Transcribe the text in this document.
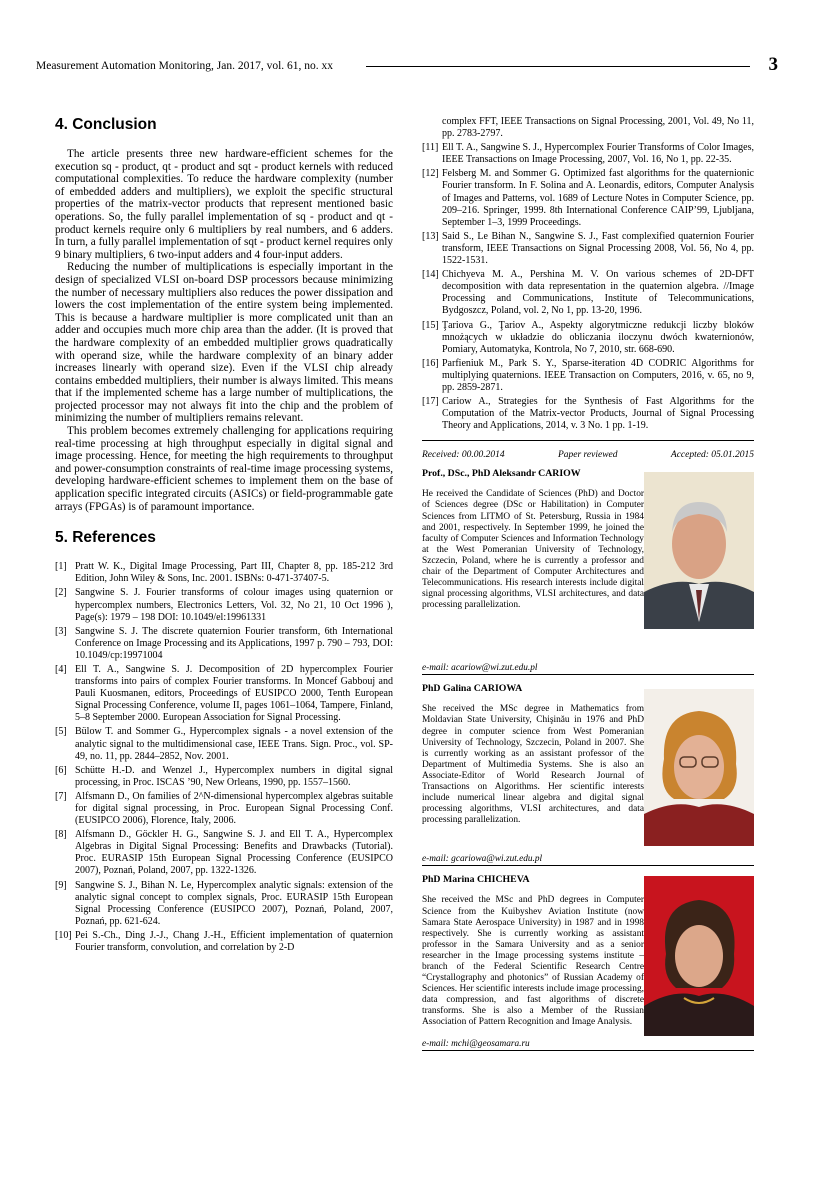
Measurement Automation Monitoring, Jan. 2017, vol. 61, no. xx	3
4. Conclusion

The article presents three new hardware-efficient schemes for the execution sq - product, qt - product and sqt - product kernels with reduced computational complexities. To reduce the hardware complexity (number of embedded adders and multipliers), we exploit the specific structural properties of the matrix-vector products that represent mentioned basic operations. So, the fully parallel implementation of sq - product and qt - product kernels require only 6 multipliers by real numbers, and 6 adders. In turn, a fully parallel implementation of sqt - product kernel requires only 9 binary multipliers, 6 two-input adders and 4 four-input adders.

Reducing the number of multiplications is especially important in the design of specialized VLSI on-board DSP processors because minimizing the number of necessary multipliers also reduces the power dissipation and lowers the cost implementation of the entire system being implemented. This is because a hardware multiplier is more complicated unit than an adder and occupies much more chip area than the adder. (It is proved that the hardware complexity of an embedded multiplier grows quadratically with operand size, while the hardware complexity of an binary adder increases linearly with operand size). Even if the VLSI chip already contains embedded multipliers, their number is always limited. This means that if the implemented scheme has a large number of multiplications, the projected processor may not always fit into the chip and the problem of minimizing the number of multipliers remains relevant.

This problem becomes extremely challenging for applications requiring real-time processing at high throughput especially in digital signal and image processing. Hence, for meeting the high requirements to throughput and power-consumption constraints of real-time image processing systems, developing hardware-efficient schemes to implement them on the base of application specific integrated circuits (ASICs) or field-programmable gate arrays (FPGAs) is of paramount importance.

5. References
[1] Pratt W. K., Digital Image Processing, Part III, Chapter 8, pp. 185-212 3rd Edition, John Wiley & Sons, Inc. 2001. ISBNs: 0-471-37407-5.
[2] Sangwine S. J. Fourier transforms of colour images using quaternion or hypercomplex numbers, Electronics Letters, Vol. 32, No 21, 10 Oct 1996 ), Page(s): 1979 – 198 DOI: 10.1049/el:19961331
[3] Sangwine S. J. The discrete quaternion Fourier transform, 6th International Conference on Image Processing and its Applications, 1997 p. 790 – 793, DOI: 10.1049/cp:19971004
[4] Ell T. A., Sangwine S. J. Decomposition of 2D hypercomplex Fourier transforms into pairs of complex Fourier transforms. In Moncef Gabbouj and Pauli Kuosmanen, editors, Proceedings of EUSIPCO 2000, Tenth European Signal Processing Conference, volume II, pages 1061–1064, Tampere, Finland, 5–8 September 2000. European Association for Signal Processing.
[5] Bülow T. and Sommer G., Hypercomplex signals - a novel extension of the analytic signal to the multidimensional case, IEEE Trans. Sign. Proc., vol. SP-49, no. 11, pp. 2844–2852, Nov. 2001.
[6] Schütte H.-D. and Wenzel J., Hypercomplex numbers in digital signal processing, in Proc. ISCAS ’90, New Orleans, 1990, pp. 1557–1560.
[7] Alfsmann D., On families of 2^N-dimensional hypercomplex algebras suitable for digital signal processing, in Proc. European Signal Processing Conf. (EUSIPCO 2006), Florence, Italy, 2006.
[8] Alfsmann D., Göckler H. G., Sangwine S. J. and Ell T. A., Hypercomplex Algebras in Digital Signal Processing: Benefits and Drawbacks (Tutorial). Proc. EURASIP 15th European Signal Processing Conference (EUSIPCO 2007), Poznań, Poland, 2007, pp. 1322-1326.
[9] Sangwine S. J., Bihan N. Le, Hypercomplex analytic signals: extension of the analytic signal concept to complex signals, Proc. EURASIP 15th European Signal Processing Conference (EUSIPCO 2007), Poznań, Poland, 2007, Poznań, pp. 621-624.
[10] Pei S.-Ch., Ding J.-J., Chang J.-H., Efficient implementation of quaternion Fourier transform, convolution, and correlation by 2-D
complex FFT, IEEE Transactions on Signal Processing, 2001, Vol. 49, No 11, pp. 2783-2797.
[11] Ell T. A., Sangwine S. J., Hypercomplex Fourier Transforms of Color Images, IEEE Transactions on Image Processing, 2007, Vol. 16, No 1, pp. 22-35.
[12] Felsberg M. and Sommer G. Optimized fast algorithms for the quaternionic Fourier transform. In F. Solina and A. Leonardis, editors, Computer Analysis of Images and Patterns, vol. 1689 of Lecture Notes in Computer Science, pp. 209–216. Springer, 1999. 8th International Conference CAIP’99, Ljubljana, September 1–3, 1999 Proceedings.
[13] Said S., Le Bihan N., Sangwine S. J., Fast complexified quaternion Fourier transform, IEEE Transactions on Signal Processing 2008, Vol. 56, No 4, pp. 1522-1531.
[14] Chichyeva M. A., Pershina M. V. On various schemes of 2D-DFT decomposition with data representation in the quaternion algebra. //Image Processing and Communications, Institute of Telecommunications, Bydgoszcz, Poland, vol. 2, No 1, pp. 13-20, 1996.
[15] Ţariova G., Ţariov A., Aspekty algorytmiczne redukcji liczby bloków mnożących w układzie do obliczania iloczynu dwóch kwaternionów, Pomiary, Automatyka, Kontrola, No 7, 2010, str. 668-690.
[16] Parfieniuk M., Park S. Y., Sparse-iteration 4D CODRIC Algorithms for multiplying quaternions. IEEE Transaction on Computers, 2016, v. 65, no 9, pp. 2859-2871.
[17] Cariow A., Strategies for the Synthesis of Fast Algorithms for the Computation of the Matrix-vector Products, Journal of Signal Processing Theory and Applications, 2014, v. 3 No. 1 pp. 1-19.
Received: 00.00.2014	Paper reviewed	Accepted: 05.01.2015
Prof., DSc., PhD Aleksandr CARIOW
He received the Candidate of Sciences (PhD) and Doctor of Sciences degree (DSc or Habilitation) in Computer Sciences from LITMO of St. Petersburg, Russia in 1984 and 2001, respectively. In September 1999, he joined the faculty of Computer Sciences and Information Technology at the West Pomeranian University of Technology, Szczecin, Poland, where he is currently a professor and chair of the Department of Computer Architectures and Telecommunications. His research interests include digital signal processing algorithms, VLSI architectures, and data processing parallelization.
e-mail: acariow@wi.zut.edu.pl
PhD Galina CARIOWA
She received the MSc degree in Mathematics from Moldavian State University, Chişinău in 1976 and PhD degree in computer science from West Pomeranian University of Technology, Szczecin, Poland in 2007. She is currently working as an assistant professor of the Department of Multimedia Systems. She is also an Associate-Editor of World Research Journal of Transactions on Algorithms. Her scientific interests include numerical linear algebra and digital signal processing algorithms, VLSI architectures, and data processing parallelization.
e-mail: gcariowa@wi.zut.edu.pl
PhD Marina CHICHEVA
She received the MSc and PhD degrees in Computer Science from the Kuibyshev Aviation Institute (now Samara State Aerospace University) in 1987 and in 1998 respectively. She is currently working as assistant professor in the Samara University and as a senior researcher in the Image processing systems institute – branch of the Federal Scientific Research Centre “Crystallography and photonics” of Russian Academy of Sciences. Her scientific interests include image processing, data compression, and fast algorithms of discrete transforms. She is also a Member of the Russian Association of Pattern Recognition and Image Analysis.
e-mail: mchi@geosamara.ru
